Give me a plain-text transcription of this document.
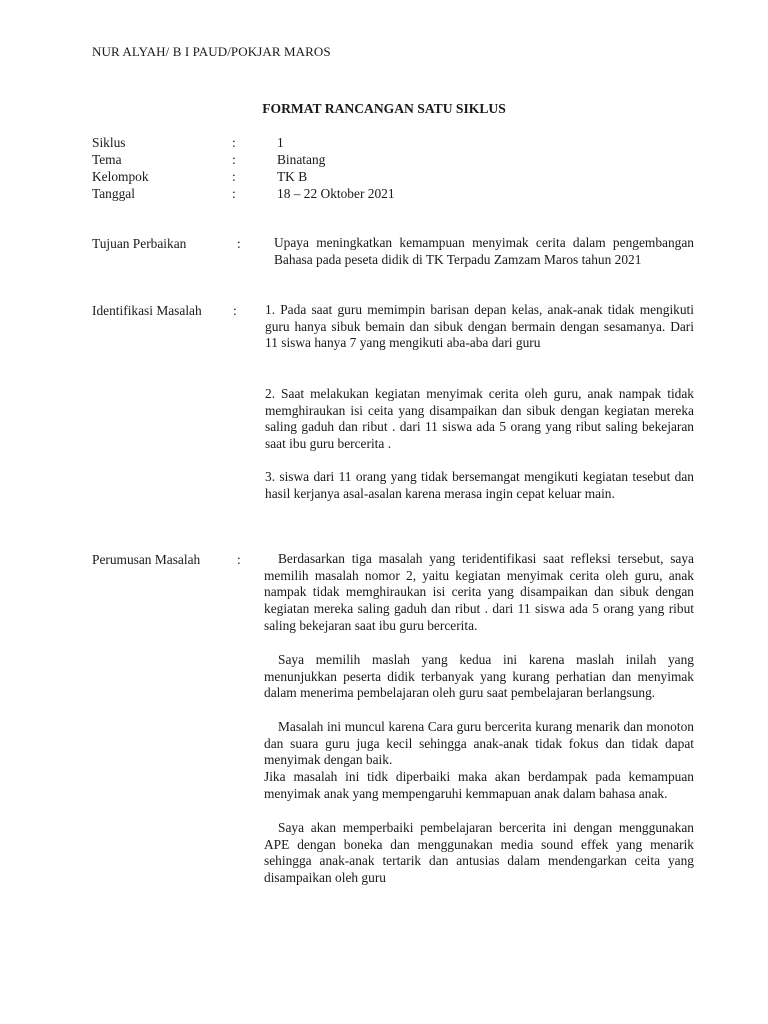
NUR ALYAH/ B I PAUD/POKJAR MAROS
FORMAT RANCANGAN SATU SIKLUS
Siklus	:	1
Tema	:	Binatang
Kelompok	:	TK B
Tanggal	:	18 – 22 Oktober 2021
Tujuan Perbaikan	: Upaya meningkatkan kemampuan menyimak cerita dalam pengembangan Bahasa pada peseta didik di TK Terpadu Zamzam Maros tahun 2021
Identifikasi Masalah : 1. Pada saat guru memimpin barisan depan kelas, anak-anak tidak mengikuti guru hanya sibuk bemain dan sibuk dengan bermain dengan sesamanya. Dari 11 siswa hanya 7 yang mengikuti aba-aba dari guru
2. Saat melakukan kegiatan menyimak cerita oleh guru, anak nampak tidak memghiraukan isi ceita yang disampaikan dan sibuk dengan kegiatan mereka saling gaduh dan ribut . dari 11 siswa ada 5 orang yang ribut saling bekejaran saat ibu guru bercerita .
3. siswa dari 11 orang yang tidak bersemangat mengikuti kegiatan tesebut dan hasil kerjanya asal-asalan karena merasa ingin cepat keluar main.
Perumusan Masalah	:	Berdasarkan tiga masalah yang teridentifikasi saat refleksi tersebut, saya memilih masalah nomor 2, yaitu kegiatan menyimak cerita oleh guru, anak nampak tidak memghiraukan isi cerita yang disampaikan dan sibuk dengan kegiatan mereka saling gaduh dan ribut . dari 11 siswa ada 5 orang yang ribut saling bekejaran saat ibu guru bercerita.
Saya memilih maslah yang kedua ini karena maslah inilah yang menunjukkan peserta didik terbanyak yang kurang perhatian dan menyimak dalam menerima pembelajaran oleh guru saat pembelajaran berlangsung.
Masalah ini muncul karena Cara guru bercerita kurang menarik dan monoton dan suara guru juga kecil sehingga anak-anak tidak fokus dan tidak dapat menyimak dengan baik.
Jika masalah ini tidk diperbaiki maka akan berdampak pada kemampuan menyimak anak yang mempengaruhi kemmapuan anak dalam bahasa anak.
Saya akan memperbaiki pembelajaran bercerita ini dengan menggunakan APE dengan boneka dan menggunakan media sound effek yang menarik sehingga anak-anak tertarik dan antusias dalam mendengarkan ceita yang disampaikan oleh guru
